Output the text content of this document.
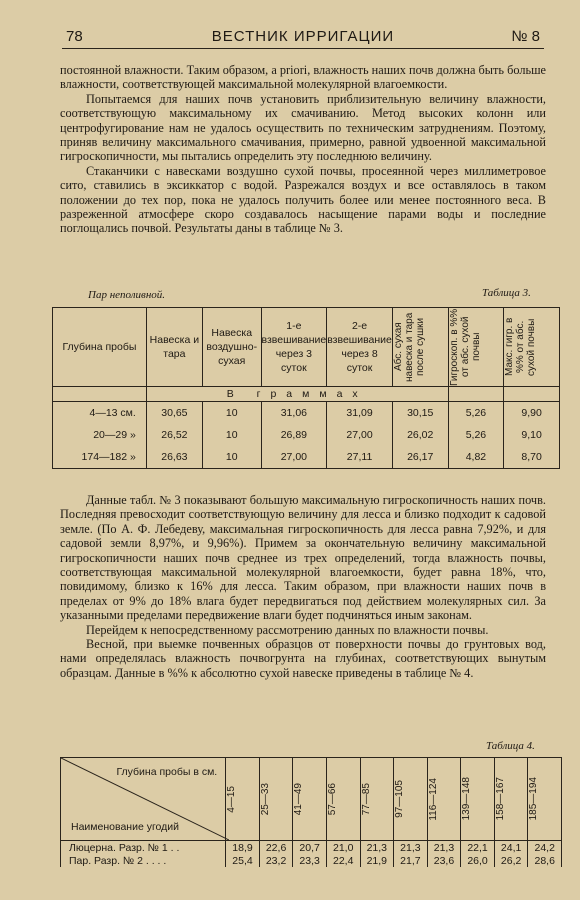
78	ВЕСТНИК ИРРИГАЦИИ	№ 8

постоянной влажности. Таким образом, a priori, влажность наших почв должна быть больше влажности, соответствующей максимальной молекулярной влагоемкости.

Попытаемся для наших почв установить приблизительную величину влажности, соответствующую максимальному их смачиванию. Метод высоких колонн или центрофугирование нам не удалось осуществить по техническим затруднениям. Поэтому, приняв величину максимального смачивания, примерно, равной удвоенной максимальной гигроскопичности, мы пытались определить эту последнюю величину.

Стаканчики с навесками воздушно сухой почвы, просеянной через миллиметровое сито, ставились в эксиккатор с водой. Разрежался воздух и все оставлялось в таком положении до тех пор, пока не удалось получить более или менее постоянного веса. В разреженной атмосфере скоро создавалось насыщение парами воды и последние поглощались почвой. Результаты даны в таблице № 3.

Пар неполивной.	Таблица 3.
Глубина пробы	Навеска и тара	Навеска воздушно-сухая	1-е взвешивание через 3 суток	2-е взвешивание через 8 суток	Абс. сухая навеска и тара после сушки	Гигроскоп. в %% от абс. сухой почвы	Макс. гигр. в %% от абс. сухой почвы

	В граммах						
4—13 см.	30,65	10	31,06	31,09	30,15	5,26	9,90
20—29 »	26,52	10	26,89	27,00	26,02	5,26	9,10
174—182 »	26,63	10	27,00	27,11	26,17	4,82	8,70

Данные табл. № 3 показывают большую максимальную гигроскопичность наших почв. Последняя превосходит соответствующую величину для лесса и близко подходит к садовой земле. (По А. Ф. Лебедеву, максимальная гигроскопичность для лесса равна 7,92%, и для садовой земли 8,97%, и 9,96%). Примем за окончательную величину максимальной гигроскопичности наших почв среднее из трех определений, тогда влажность почвы, соответствующая максимальной молекулярной влагоемкости, будет равна 18%, что, повидимому, близко к 16% для лесса. Таким образом, при влажности наших почв в пределах от 9% до 18% влага будет передвигаться под действием молекулярных сил. За указанными пределами передвижение влаги будет подчиняться иным законам.

Перейдем к непосредственному рассмотрению данных по влажности почвы.

Весной, при выемке почвенных образцов от поверхности почвы до грунтовых вод, нами определялась влажность почвогрунта на глубинах, соответствующих вынутым образцам. Данные в %% к абсолютно сухой навеске приведены в таблице № 4.

Таблица 4.
Глубина пробы в см.
Наименование угодий	4—15	25—33	41—49	57—66	77—85	97—105	116—124	139—148	158—167	185—194

Люцерна. Разр. № 1 . .	18,9	22,6	20,7	21,0	21,3	21,3	21,3	22,1	24,1	24,2
Пар. Разр. № 2 . . . .	25,4	23,2	23,3	22,4	21,9	21,7	23,6	26,0	26,2	28,6
